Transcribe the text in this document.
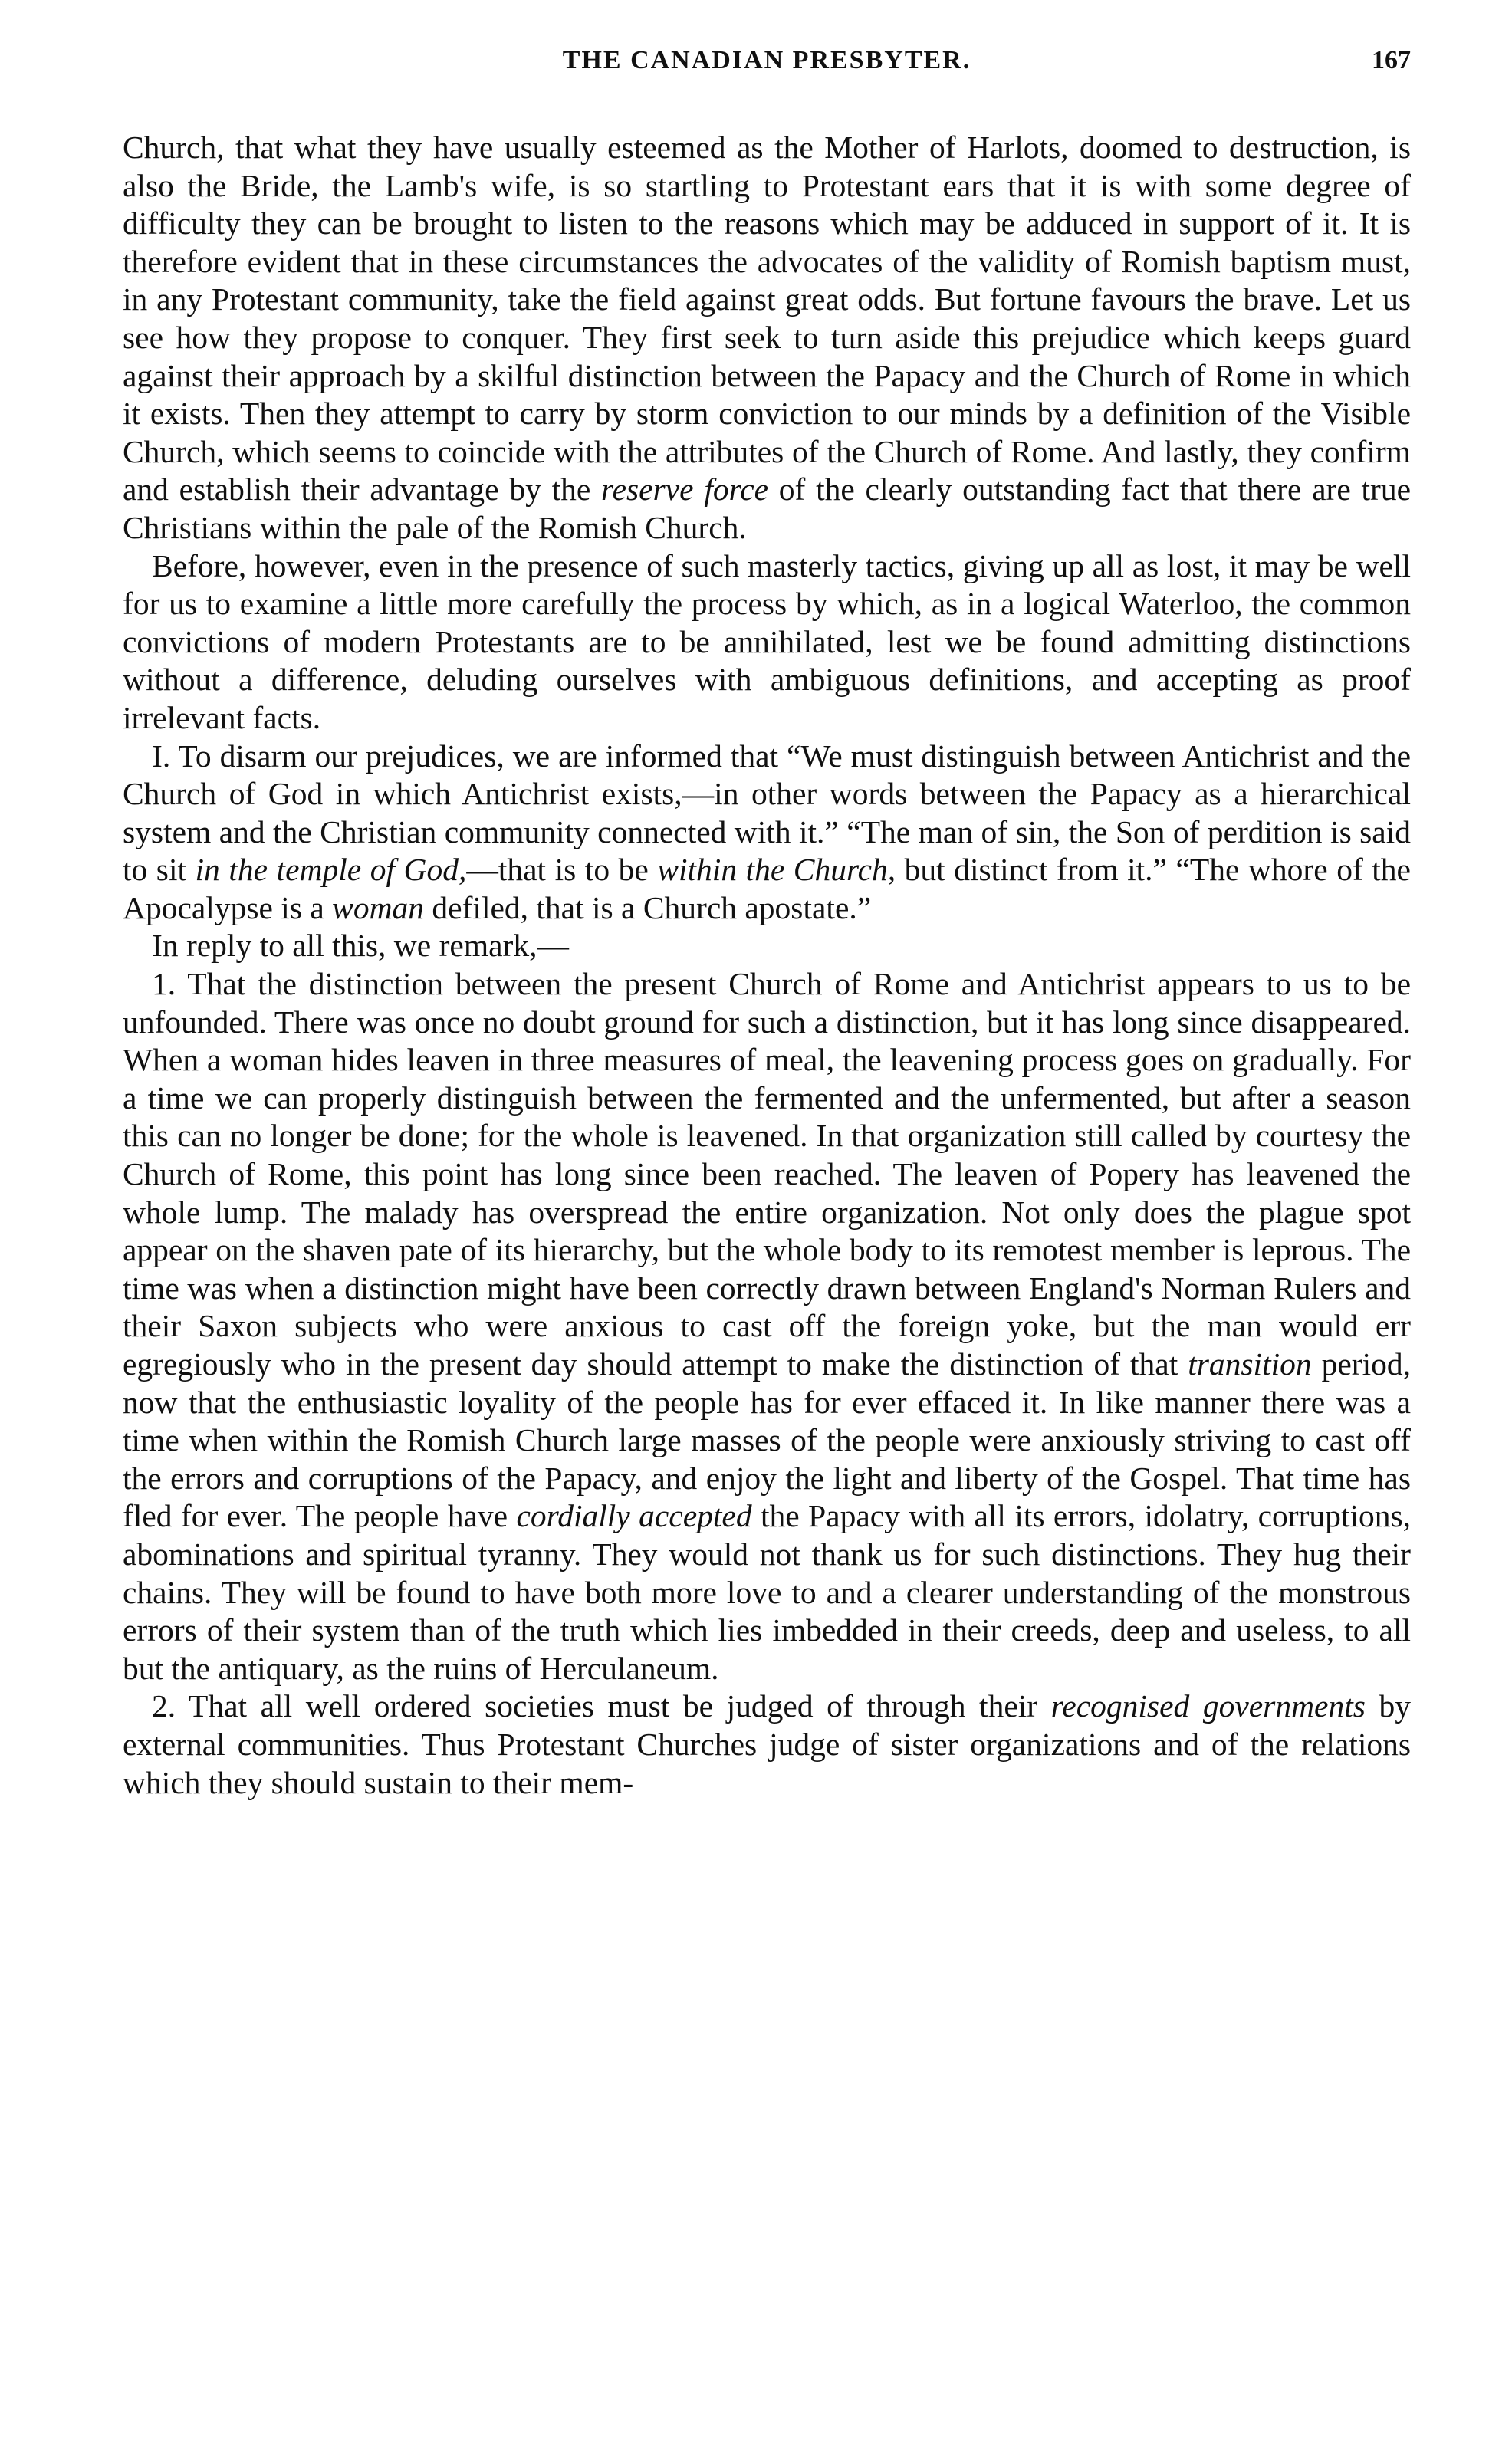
THE CANADIAN PRESBYTER.	167

Church, that what they have usually esteemed as the Mother of Harlots, doomed to destruction, is also the Bride, the Lamb's wife, is so startling to Protestant ears that it is with some degree of difficulty they can be brought to listen to the reasons which may be adduced in support of it. It is therefore evident that in these circumstances the advocates of the validity of Romish baptism must, in any Protestant community, take the field against great odds. But fortune favours the brave. Let us see how they propose to conquer. They first seek to turn aside this prejudice which keeps guard against their approach by a skilful distinction between the Papacy and the Church of Rome in which it exists. Then they attempt to carry by storm conviction to our minds by a definition of the Visible Church, which seems to coincide with the attributes of the Church of Rome. And lastly, they confirm and establish their advantage by the reserve force of the clearly outstanding fact that there are true Christians within the pale of the Romish Church.

Before, however, even in the presence of such masterly tactics, giving up all as lost, it may be well for us to examine a little more carefully the process by which, as in a logical Waterloo, the common convictions of modern Protestants are to be annihilated, lest we be found admitting distinctions without a difference, deluding ourselves with ambiguous definitions, and accepting as proof irrelevant facts.

I. To disarm our prejudices, we are informed that “We must distinguish between Antichrist and the Church of God in which Antichrist exists,—in other words between the Papacy as a hierarchical system and the Christian community connected with it.” “The man of sin, the Son of perdition is said to sit in the temple of God,—that is to be within the Church, but distinct from it.” “The whore of the Apocalypse is a woman defiled, that is a Church apostate.”

In reply to all this, we remark,—

1. That the distinction between the present Church of Rome and Antichrist appears to us to be unfounded. There was once no doubt ground for such a distinction, but it has long since disappeared. When a woman hides leaven in three measures of meal, the leavening process goes on gradually. For a time we can properly distinguish between the fermented and the unfermented, but after a season this can no longer be done; for the whole is leavened. In that organization still called by courtesy the Church of Rome, this point has long since been reached. The leaven of Popery has leavened the whole lump. The malady has overspread the entire organization. Not only does the plague spot appear on the shaven pate of its hierarchy, but the whole body to its remotest member is leprous. The time was when a distinction might have been correctly drawn between England's Norman Rulers and their Saxon subjects who were anxious to cast off the foreign yoke, but the man would err egregiously who in the present day should attempt to make the distinction of that transition period, now that the enthusiastic loyality of the people has for ever effaced it. In like manner there was a time when within the Romish Church large masses of the people were anxiously striving to cast off the errors and corruptions of the Papacy, and enjoy the light and liberty of the Gospel. That time has fled for ever. The people have cordially accepted the Papacy with all its errors, idolatry, corruptions, abominations and spiritual tyranny. They would not thank us for such distinctions. They hug their chains. They will be found to have both more love to and a clearer understanding of the monstrous errors of their system than of the truth which lies imbedded in their creeds, deep and useless, to all but the antiquary, as the ruins of Herculaneum.

2. That all well ordered societies must be judged of through their recognised governments by external communities. Thus Protestant Churches judge of sister organizations and of the relations which they should sustain to their mem-
